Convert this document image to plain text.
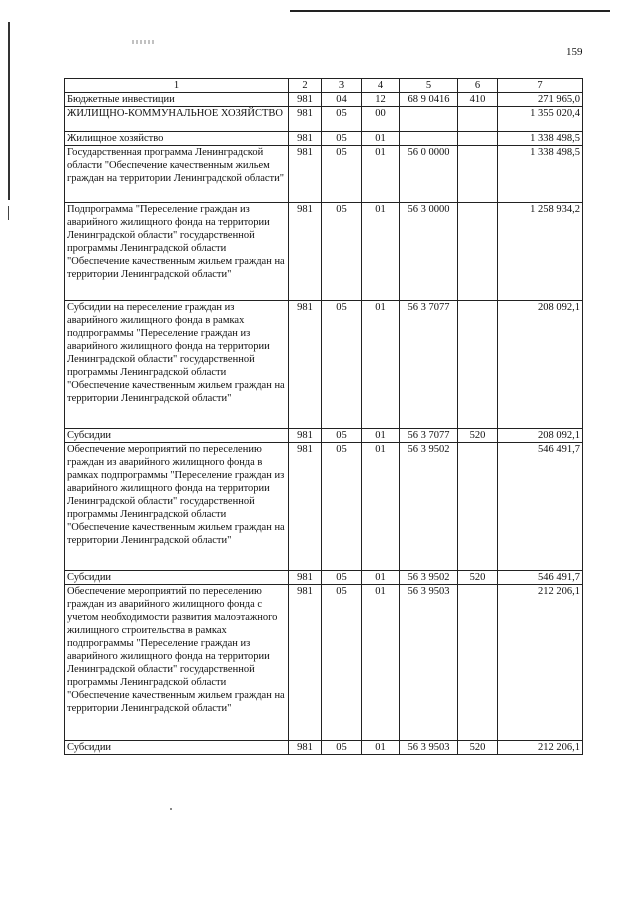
159
1	2	3	4	5	6	7
Бюджетные инвестиции	981	04	12	68 9 0416	410	271 965,0
ЖИЛИЩНО-КОММУНАЛЬНОЕ ХОЗЯЙСТВО	981	05	00			1 355 020,4
Жилищное хозяйство	981	05	01			1 338 498,5
Государственная программа Ленинградской области "Обеспечение качественным жильем граждан на территории Ленинградской области"	981	05	01	56 0 0000		1 338 498,5
Подпрограмма "Переселение граждан из аварийного жилищного фонда на территории Ленинградской области" государственной программы Ленинградской области "Обеспечение качественным жильем граждан на территории Ленинградской области"	981	05	01	56 3 0000		1 258 934,2
Субсидии на переселение граждан из аварийного жилищного фонда в рамках подпрограммы "Переселение граждан из аварийного жилищного фонда на территории Ленинградской области" государственной программы Ленинградской области "Обеспечение качественным жильем граждан на территории Ленинградской области"	981	05	01	56 3 7077		208 092,1
Субсидии	981	05	01	56 3 7077	520	208 092,1
Обеспечение мероприятий по переселению граждан из аварийного жилищного фонда в рамках подпрограммы "Переселение граждан из аварийного жилищного фонда на территории Ленинградской области" государственной программы Ленинградской области "Обеспечение качественным жильем граждан на территории Ленинградской области"	981	05	01	56 3 9502		546 491,7
Субсидии	981	05	01	56 3 9502	520	546 491,7
Обеспечение мероприятий по переселению граждан из аварийного жилищного фонда с учетом необходимости развития малоэтажного жилищного строительства в рамках подпрограммы "Переселение граждан из аварийного жилищного фонда на территории Ленинградской области" государственной программы Ленинградской области "Обеспечение качественным жильем граждан на территории Ленинградской области"	981	05	01	56 3 9503		212 206,1
Субсидии	981	05	01	56 3 9503	520	212 206,1
